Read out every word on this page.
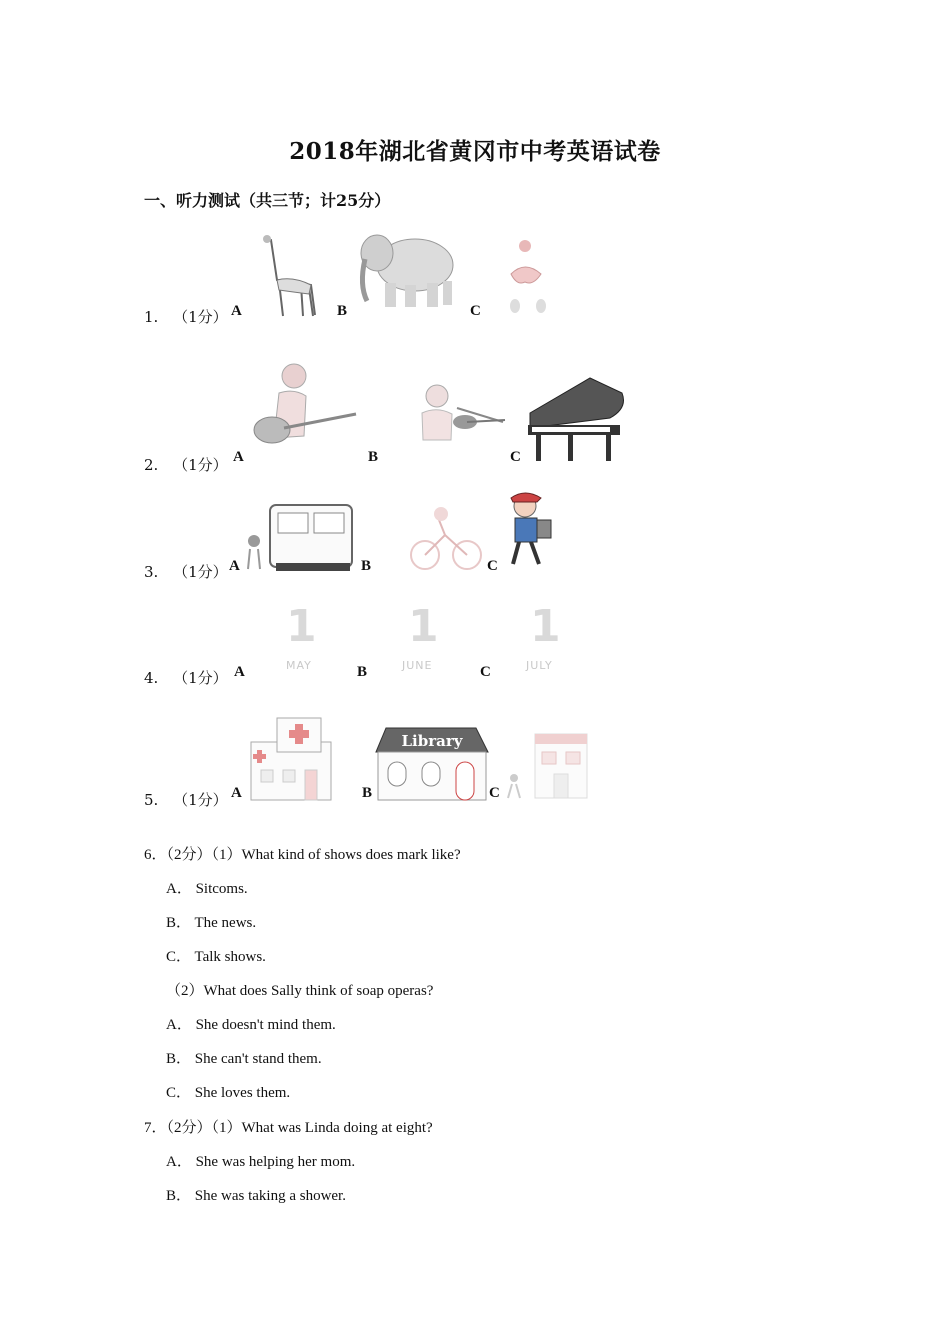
2018年湖北省黄冈市中考英语试卷
一、听力测试（共三节；计25分）
1. （1分） A	B	C
2. （1分） A	B	C
3. （1分） A	B	C
4. （1分） A	B	C
1
MAY
1
JUNE
1
JULY
5. （1分） A	B	C
Library
6．（2分）（1）What kind of shows does mark like?
A． Sitcoms.
B． The news.
C． Talk shows.
（2）What does Sally think of soap operas?
A． She doesn't mind them.
B． She can't stand them.
C． She loves them.
7．（2分）（1）What was Linda doing at eight?
A． She was helping her mom.
B． She was taking a shower.
